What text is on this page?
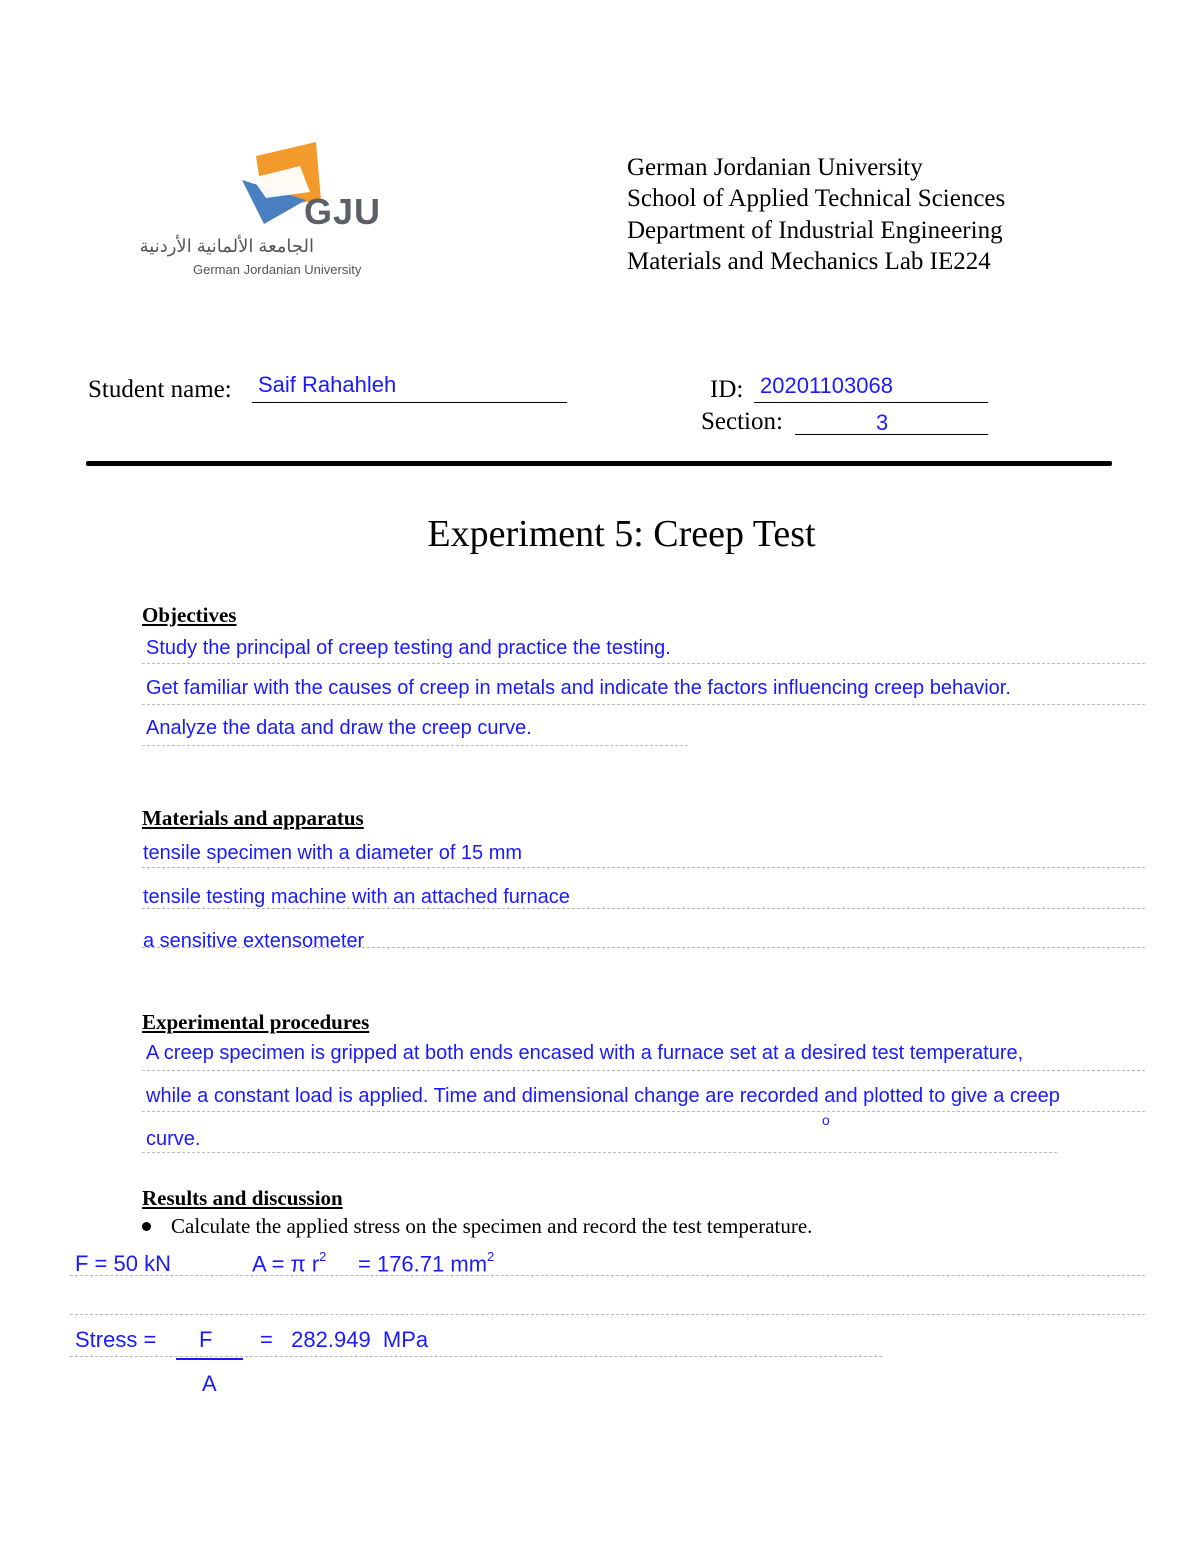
GJU
الجامعة الألمانية الأردنية
German Jordanian University
German Jordanian University
School of Applied Technical Sciences
Department of Industrial Engineering
Materials and Mechanics Lab IE224
Student name: Saif Rahahleh	ID: 20201103068
Section:	3
Experiment 5: Creep Test
Objectives
Study the principal of creep testing and practice the testing.
Get familiar with the causes of creep in metals and indicate the factors influencing creep behavior.
Analyze the data and draw the creep curve.
Materials and apparatus
tensile specimen with a diameter of 15 mm
tensile testing machine with an attached furnace
a sensitive extensometer
Experimental procedures
A creep specimen is gripped at both ends encased with a furnace set at a desired test temperature,
while a constant load is applied. Time and dimensional change are recorded and plotted to give a creep
curve.
o
Results and discussion
Calculate the applied stress on the specimen and record the test temperature.
F = 50 kN	A = π $r^2 = 176.71$ $mm^2$
Stress = F
A
=   282.949  MPa
